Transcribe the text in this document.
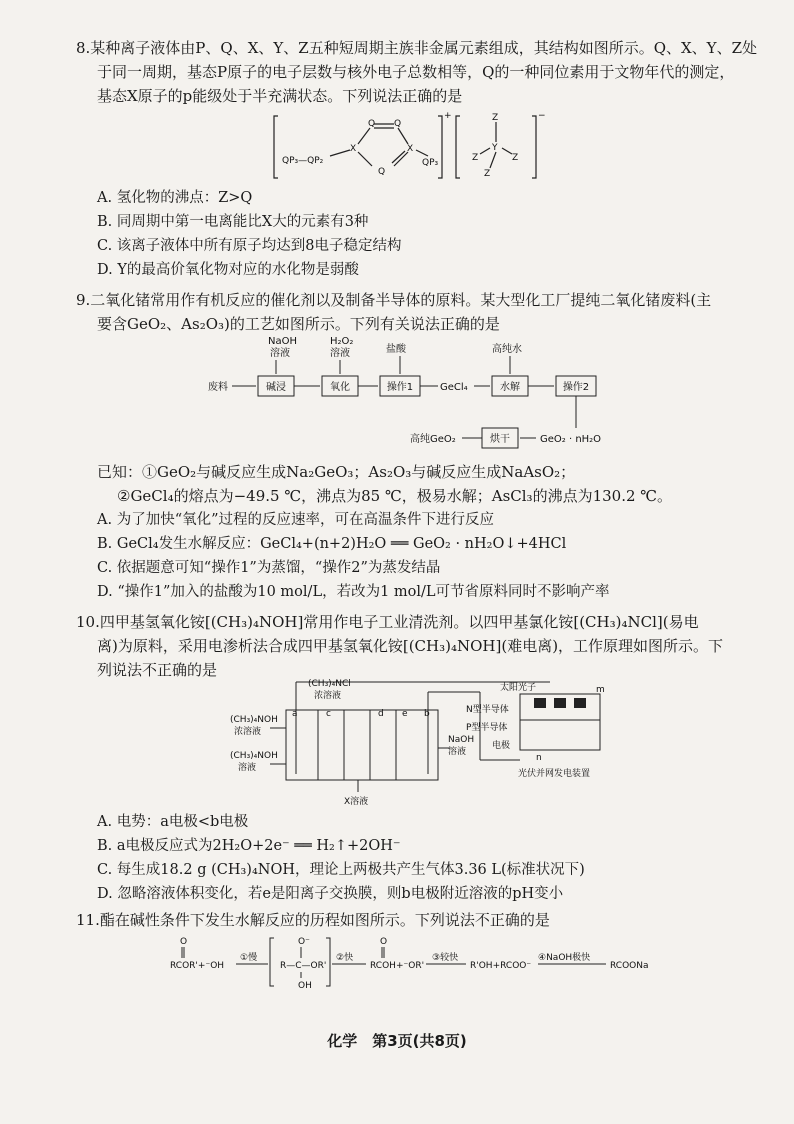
8.某种离子液体由P、Q、X、Y、Z五种短周期主族非金属元素组成，其结构如图所示。Q、X、Y、Z处
于同一周期，基态P原子的电子层数与核外电子总数相等，Q的一种同位素用于文物年代的测定，
基态X原子的p能级处于半充满状态。下列说法正确的是
Q Q
X	X
Q
QP₃—QP₂	QP₃
+	−
Z
Y
Z	Z
Z
A. 氢化物的沸点：Z>Q
B. 同周期中第一电离能比X大的元素有3种
C. 该离子液体中所有原子均达到8电子稳定结构
D. Y的最高价氧化物对应的水化物是弱酸
9.二氧化锗常用作有机反应的催化剂以及制备半导体的原料。某大型化工厂提纯二氧化锗废料(主
要含GeO₂、As₂O₃)的工艺如图所示。下列有关说法正确的是
废料
NaOH
溶液
H₂O₂
溶液	盐酸	高纯水
GeCl₄
高纯GeO₂	GeO₂ · nH₂O
碱浸	氧化	操作1	水解	操作2
烘干
已知：①GeO₂与碱反应生成Na₂GeO₃；As₂O₃与碱反应生成NaAsO₂；
②GeCl₄的熔点为−49.5 ℃，沸点为85 ℃，极易水解；AsCl₃的沸点为130.2 ℃。
A. 为了加快“氧化”过程的反应速率，可在高温条件下进行反应
B. GeCl₄发生水解反应：GeCl₄+(n+2)H₂O ══ GeO₂ · nH₂O↓+4HCl
C. 依据题意可知“操作1”为蒸馏，“操作2”为蒸发结晶
D. “操作1”加入的盐酸为10 mol/L，若改为1 mol/L可节省原料同时不影响产率
10.四甲基氢氧化铵[(CH₃)₄NOH]常用作电子工业清洗剂。以四甲基氯化铵[(CH₃)₄NCl](易电
离)为原料，采用电渗析法合成四甲基氢氧化铵[(CH₃)₄NOH](难电离)，工作原理如图所示。下
列说法不正确的是
(CH₃)₄NCl
浓溶液
(CH₃)₄NOH
浓溶液
(CH₃)₄NOH
溶液
NaOH
溶液
X溶液
a	c	d e b
太阳光子
N型半导体
P型半导体
电极
m
n
光伏并网发电装置
A. 电势：a电极<b电极
B. a电极反应式为2H₂O+2e⁻ ══ H₂↑+2OH⁻
C. 每生成18.2 g (CH₃)₄NOH，理论上两极共产生气体3.36 L(标准状况下)
D. 忽略溶液体积变化，若e是阳离子交换膜，则b电极附近溶液的pH变小
11.酯在碱性条件下发生水解反应的历程如图所示。下列说法不正确的是
O
RCOR'+⁻OH
①慢
O⁻
R—C—OR'
OH
②快
O
RCOH+⁻OR'
③较快
R'OH+RCOO⁻
④NaOH极快
RCOONa
化学　第3页(共8页)
